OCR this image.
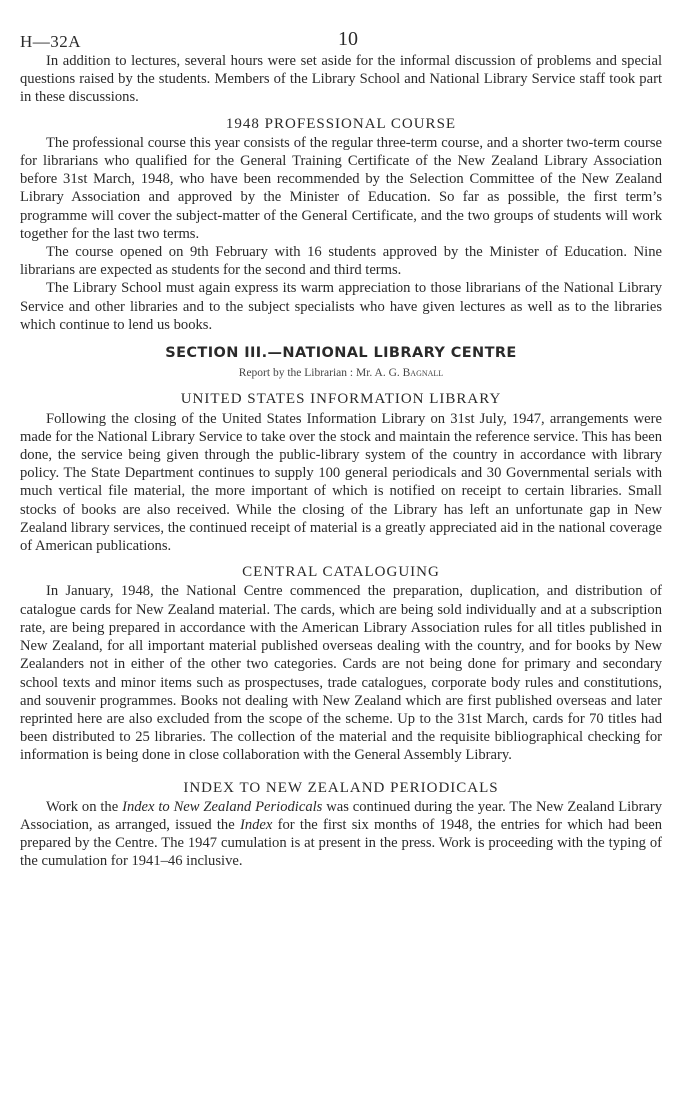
H—32A	10

In addition to lectures, several hours were set aside for the informal discussion of problems and special questions raised by the students. Members of the Library School and National Library Service staff took part in these discussions.

1948 PROFESSIONAL COURSE

The professional course this year consists of the regular three-term course, and a shorter two-term course for librarians who qualified for the General Training Certificate of the New Zealand Library Association before 31st March, 1948, who have been recommended by the Selection Committee of the New Zealand Library Association and approved by the Minister of Education. So far as possible, the first term’s programme will cover the subject-matter of the General Certificate, and the two groups of students will work together for the last two terms.

The course opened on 9th February with 16 students approved by the Minister of Education. Nine librarians are expected as students for the second and third terms.

The Library School must again express its warm appreciation to those librarians of the National Library Service and other libraries and to the subject specialists who have given lectures as well as to the libraries which continue to lend us books.

SECTION III.—NATIONAL LIBRARY CENTRE
Report by the Librarian : Mr. A. G. Bagnall
UNITED STATES INFORMATION LIBRARY

Following the closing of the United States Information Library on 31st July, 1947, arrangements were made for the National Library Service to take over the stock and maintain the reference service. This has been done, the service being given through the public-library system of the country in accordance with library policy. The State Department continues to supply 100 general periodicals and 30 Governmental serials with much vertical file material, the more important of which is notified on receipt to certain libraries. Small stocks of books are also received. While the closing of the Library has left an unfortunate gap in New Zealand library services, the continued receipt of material is a greatly appreciated aid in the national coverage of American publications.

CENTRAL CATALOGUING

In January, 1948, the National Centre commenced the preparation, duplication, and distribution of catalogue cards for New Zealand material. The cards, which are being sold individually and at a subscription rate, are being prepared in accordance with the American Library Association rules for all titles published in New Zealand, for all important material published overseas dealing with the country, and for books by New Zealanders not in either of the other two categories. Cards are not being done for primary and secondary school texts and minor items such as prospectuses, trade catalogues, corporate body rules and constitutions, and souvenir programmes. Books not dealing with New Zealand which are first published overseas and later reprinted here are also excluded from the scope of the scheme. Up to the 31st March, cards for 70 titles had been distributed to 25 libraries. The collection of the material and the requisite bibliographical checking for information is being done in close collaboration with the General Assembly Library.

INDEX TO NEW ZEALAND PERIODICALS

Work on the Index to New Zealand Periodicals was continued during the year. The New Zealand Library Association, as arranged, issued the Index for the first six months of 1948, the entries for which had been prepared by the Centre. The 1947 cumulation is at present in the press. Work is proceeding with the typing of the cumulation for 1941–46 inclusive.
